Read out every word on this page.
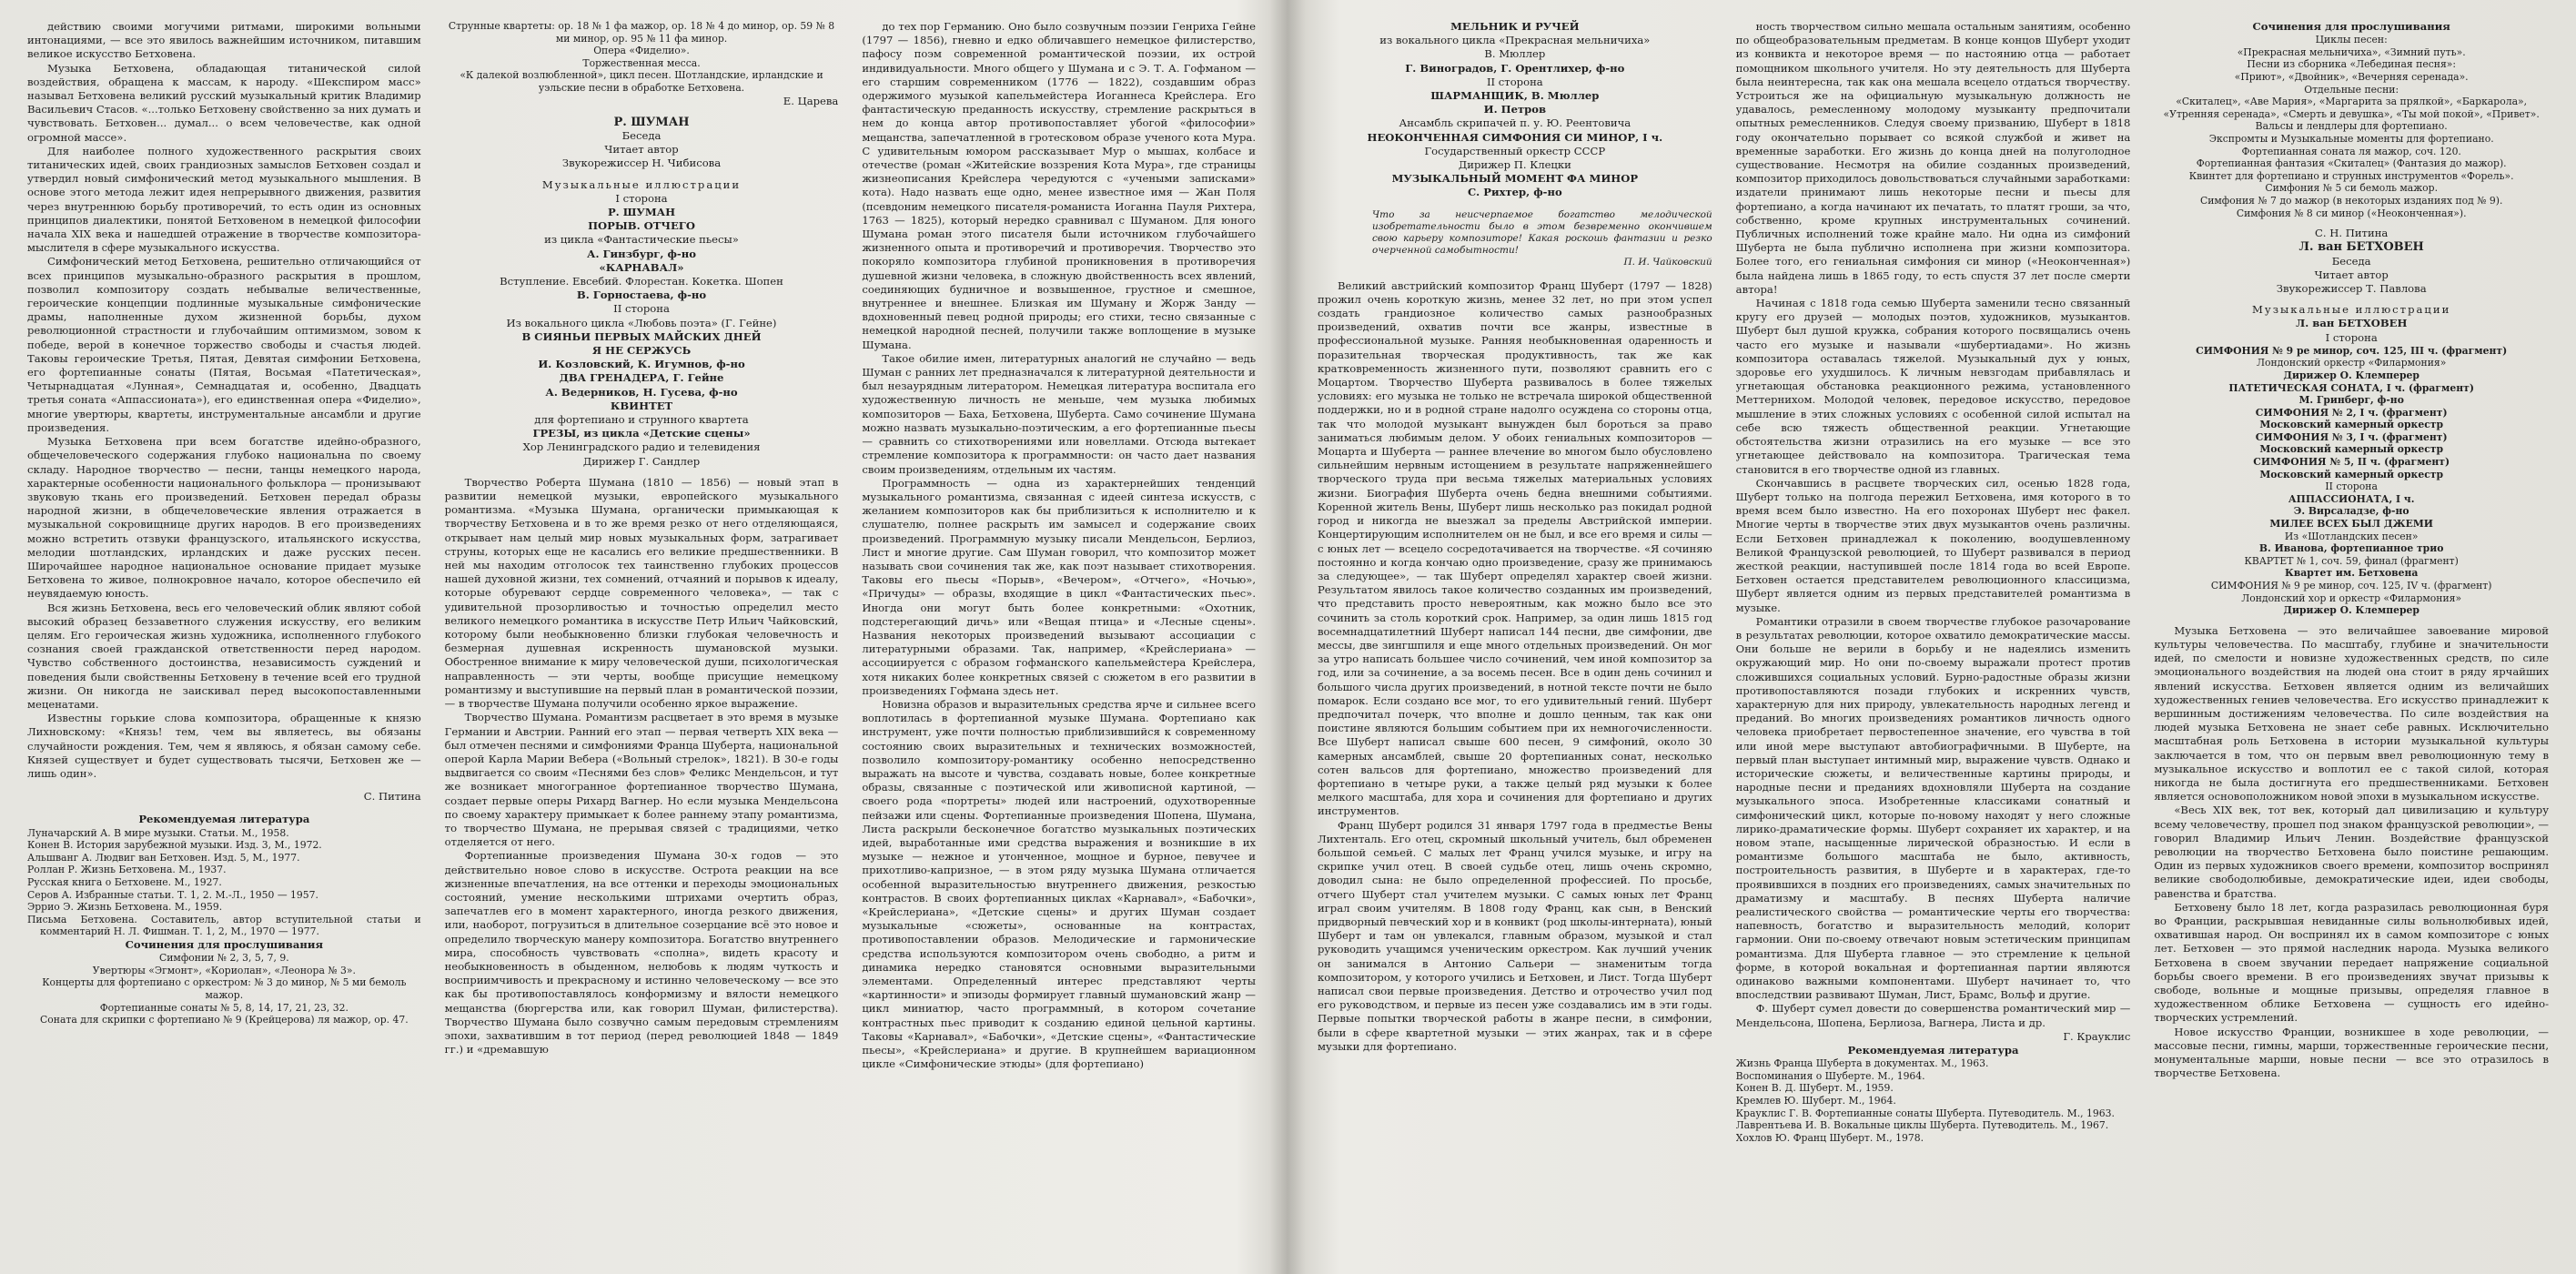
действию своими могучими ритмами, широкими вольными интонациями, — все это явилось важнейшим источником, питавшим великое искусство Бетховена.

Музыка Бетховена, обладающая титанической силой воздействия, обращена к массам, к народу. «Шекспиром масс» называл Бетховена великий русский музыкальный критик Владимир Васильевич Стасов. «...только Бетховену свойственно за них думать и чувствовать. Бетховен... думал... о всем человечестве, как одной огромной массе».

Для наиболее полного художественного раскрытия своих титанических идей, своих грандиозных замыслов Бетховен создал и утвердил новый симфонический метод музыкального мышления. В основе этого метода лежит идея непрерывного движения, развития через внутреннюю борьбу противоречий, то есть один из основных принципов диалектики, понятой Бетховеном в немецкой философии начала XIX века и нашедшей отражение в творчестве композитора-мыслителя в сфере музыкального искусства.

Симфонический метод Бетховена, решительно отличающийся от всех принципов музыкально-образного раскрытия в прошлом, позволил композитору создать небывалые величественные, героические концепции подлинные музыкальные симфонические драмы, наполненные духом жизненной борьбы, духом революционной страстности и глубочайшим оптимизмом, зовом к победе, верой в конечное торжество свободы и счастья людей. Таковы героические Третья, Пятая, Девятая симфонии Бетховена, его фортепианные сонаты (Пятая, Восьмая «Патетическая», Четырнадцатая «Лунная», Семнадцатая и, особенно, Двадцать третья соната «Аппассионата»), его единственная опера «Фиделио», многие увертюры, квартеты, инструментальные ансамбли и другие произведения.

Музыка Бетховена при всем богатстве идейно-образного, общечеловеческого содержания глубоко национальна по своему складу. Народное творчество — песни, танцы немецкого народа, характерные особенности национального фольклора — пронизывают звуковую ткань его произведений. Бетховен передал образы народной жизни, в общечеловеческие явления отражается в музыкальной сокровищнице других народов. В его произведениях можно встретить отзвуки французского, итальянского искусства, мелодии шотландских, ирландских и даже русских песен. Широчайшее народное национальное основание придает музыке Бетховена то живое, полнокровное начало, которое обеспечило ей неувядаемую юность.

Вся жизнь Бетховена, весь его человеческий облик являют собой высокий образец беззаветного служения искусству, его великим целям. Его героическая жизнь художника, исполненного глубокого сознания своей гражданской ответственности перед народом. Чувство собственного достоинства, независимость суждений и поведения были свойственны Бетховену в течение всей его трудной жизни. Он никогда не заискивал перед высокопоставленными меценатами.

Известны горькие слова композитора, обращенные к князю Лихновскому: «Князь! тем, чем вы являетесь, вы обязаны случайности рождения. Тем, чем я являюсь, я обязан самому себе. Князей существует и будет существовать тысячи, Бетховен же — лишь один».

С. Питина

Рекомендуемая литература

Луначарский А. В мире музыки. Статьи. М., 1958.

Конен В. История зарубежной музыки. Изд. 3, М., 1972.

Альшванг А. Людвиг ван Бетховен. Изд. 5, М., 1977.

Роллан Р. Жизнь Бетховена. М., 1937.

Русская книга о Бетховене. М., 1927.

Серов А. Избранные статьи. Т. 1, 2. М.-Л., 1950 — 1957.

Эррио Э. Жизнь Бетховена. М., 1959.

Письма Бетховена. Составитель, автор вступительной статьи и комментарий Н. Л. Фишман. Т. 1, 2, М., 1970 — 1977.

Сочинения для прослушивания

Симфонии № 2, 3, 5, 7, 9.

Увертюры «Эгмонт», «Кориолан», «Леонора № 3».

Концерты для фортепиано с оркестром: № 3 до минор, № 5 ми бемоль мажор.

Фортепианные сонаты № 5, 8, 14, 17, 21, 23, 32.

Соната для скрипки с фортепиано № 9 (Крейцерова) ля мажор, ор. 47.

Струнные квартеты: ор. 18 № 1 фа мажор, ор. 18 № 4 до минор, ор. 59 № 8 ми минор, ор. 95 № 11 фа минор.

Опера «Фиделио».

Торжественная месса.

«К далекой возлюбленной», цикл песен. Шотландские, ирландские и уэльские песни в обработке Бетховена.

Е. Царева

Р. ШУМАН

Беседа

Читает автор

Звукорежиссер Н. Чибисова

Музыкальные иллюстрации

I сторона

Р. ШУМАН

ПОРЫВ. ОТЧЕГО

из цикла «Фантастические пьесы»

А. Гинзбург, ф-но

«КАРНАВАЛ»

Вступление. Евсебий. Флорестан. Кокетка. Шопен

В. Горностаева, ф-но

II сторона

Из вокального цикла «Любовь поэта» (Г. Гейне)

В СИЯНЬИ ПЕРВЫХ МАЙСКИХ ДНЕЙ

Я НЕ СЕРЖУСЬ

И. Козловский, К. Игумнов, ф-но

ДВА ГРЕНАДЕРА, Г. Гейне

А. Ведерников, Н. Гусева, ф-но

КВИНТЕТ

для фортепиано и струнного квартета

ГРЕЗЫ, из цикла «Детские сцены»

Хор Ленинградского радио и телевидения

Дирижер Г. Сандлер

Творчество Роберта Шумана (1810 — 1856) — новый этап в развитии немецкой музыки, европейского музыкального романтизма. «Музыка Шумана, органически примыкающая к творчеству Бетховена и в то же время резко от него отделяющаяся, открывает нам целый мир новых музыкальных форм, затрагивает струны, которых еще не касались его великие предшественники. В ней мы находим отголосок тех таинственно глубоких процессов нашей духовной жизни, тех сомнений, отчаяний и порывов к идеалу, которые обуревают сердце современного человека», — так с удивительной прозорливостью и точностью определил место великого немецкого романтика в искусстве Петр Ильич Чайковский, которому были необыкновенно близки глубокая человечность и безмерная душевная искренность шумановской музыки. Обостренное внимание к миру человеческой души, психологическая направленность — эти черты, вообще присущие немецкому романтизму и выступившие на первый план в романтической поэзии, — в творчестве Шумана получили особенно яркое выражение.

Творчество Шумана. Романтизм расцветает в это время в музыке Германии и Австрии. Ранний его этап — первая четверть XIX века — был отмечен песнями и симфониями Франца Шуберта, национальной оперой Карла Марии Вебера («Вольный стрелок», 1821). В 30-е годы выдвигается со своим «Песнями без слов» Феликс Мендельсон, и тут же возникает многогранное фортепианное творчество Шумана, создает первые оперы Рихард Вагнер. Но если музыка Мендельсона по своему характеру примыкает к более раннему этапу романтизма, то творчество Шумана, не прерывая связей с традициями, четко отделяется от него.

Фортепианные произведения Шумана 30-х годов — это действительно новое слово в искусстве. Острота реакции на все жизненные впечатления, на все оттенки и переходы эмоциональных состояний, умение несколькими штрихами очертить образ, запечатлев его в момент характерного, иногда резкого движения, или, наоборот, погрузиться в длительное созерцание всё это новое и определило творческую манеру композитора. Богатство внутреннего мира, способность чувствовать «сполна», видеть красоту и необыкновенность в обыденном, нелюбовь к людям чуткость и восприимчивость и прекрасному и истинно человеческому — все это как бы противопоставлялось конформизму и вялости немецкого мещанства (бюргерства или, как говорил Шуман, филистерства). Творчество Шумана было созвучно самым передовым стремлениям эпохи, захватившим в тот период (перед революцией 1848 — 1849 гг.) и «дремавшую

до тех пор Германию. Оно было созвучным поэзии Генриха Гейне (1797 — 1856), гневно и едко обличавшего немецкое филистерство, пафосу поэм современной романтической поэзии, их острой индивидуальности. Много общего у Шумана и с Э. Т. А. Гофманом — его старшим современником (1776 — 1822), создавшим образ одержимого музыкой капельмейстера Иоганнеса Крейслера. Его фантастическую преданность искусству, стремление раскрыться в нем до конца автор противопоставляет убогой «философии» мещанства, запечатленной в гротесковом образе ученого кота Мура. С удивительным юмором рассказывает Мур о мышах, колбасе и отечестве (роман «Житейские воззрения Кота Мура», где страницы жизнеописания Крейслера чередуются с «учеными записками» кота). Надо назвать еще одно, менее известное имя — Жан Поля (псевдоним немецкого писателя-романиста Иоганна Пауля Рихтера, 1763 — 1825), который нередко сравнивал с Шуманом. Для юного Шумана роман этого писателя были источником глубочайшего жизненного опыта и противоречий и противоречия. Творчество это покоряло композитора глубиной проникновения в противоречия душевной жизни человека, в сложную двойственность всех явлений, соединяющих будничное и возвышенное, грустное и смешное, внутреннее и внешнее. Близкая им Шуману и Жорж Занду — вдохновенный певец родной природы; его стихи, тесно связанные с немецкой народной песней, получили также воплощение в музыке Шумана.

Такое обилие имен, литературных аналогий не случайно — ведь Шуман с ранних лет предназначался к литературной деятельности и был незаурядным литератором. Немецкая литература воспитала его художественную личность не меньше, чем музыка любимых композиторов — Баха, Бетховена, Шуберта. Само сочинение Шумана можно назвать музыкально-поэтическим, а его фортепианные пьесы — сравнить со стихотворениями или новеллами. Отсюда вытекает стремление композитора к программности: он часто дает названия своим произведениям, отдельным их частям.

Программность — одна из характернейших тенденций музыкального романтизма, связанная с идеей синтеза искусств, с желанием композиторов как бы приблизиться к исполнителю и к слушателю, полнее раскрыть им замысел и содержание своих произведений. Программную музыку писали Мендельсон, Берлиоз, Лист и многие другие. Сам Шуман говорил, что композитор может называть свои сочинения так же, как поэт называет стихотворения. Таковы его пьесы «Порыв», «Вечером», «Отчего», «Ночью», «Причуды» — образы, входящие в цикл «Фантастических пьес». Иногда они могут быть более конкретными: «Охотник, подстерегающий дичь» или «Вещая птица» и «Лесные сцены». Названия некоторых произведений вызывают ассоциации с литературными образами. Так, например, «Крейслериана» — ассоциируется с образом гофманского капельмейстера Крейслера, хотя никаких более конкретных связей с сюжетом в его развитии в произведениях Гофмана здесь нет.

Новизна образов и выразительных средства ярче и сильнее всего воплотилась в фортепианной музыке Шумана. Фортепиано как инструмент, уже почти полностью приблизившийся к современному состоянию своих выразительных и технических возможностей, позволило композитору-романтику особенно непосредственно выражать на высоте и чувства, создавать новые, более конкретные образы, связанные с поэтической или живописной картиной, — своего рода «портреты» людей или настроений, одухотворенные пейзажи или сцены. Фортепианные произведения Шопена, Шумана, Листа раскрыли бесконечное богатство музыкальных поэтических идей, выработанные ими средства выражения и возникшие в их музыке — нежное и утонченное, мощное и бурное, певучее и прихотливо-капризное, — в этом ряду музыка Шумана отличается особенной выразительностью внутреннего движения, резкостью контрастов. В своих фортепианных циклах «Карнавал», «Бабочки», «Крейслериана», «Детские сцены» и других Шуман создает музыкальные «сюжеты», основанные на контрастах, противопоставлении образов. Мелодические и гармонические средства используются композитором очень свободно, а ритм и динамика нередко становятся основными выразительными элементами. Определенный интерес представляют черты «картинности» и эпизоды формирует главный шумановский жанр — цикл миниатюр, часто программный, в котором сочетание контрастных пьес приводит к созданию единой цельной картины. Таковы «Карнавал», «Бабочки», «Детские сцены», «Фантастические пьесы», «Крейслериана» и другие. В крупнейшем вариационном цикле «Симфонические этюды» (для фортепиано)

МЕЛЬНИК И РУЧЕЙ

из вокального цикла «Прекрасная мельничиха»

В. Мюллер

Г. Виноградов, Г. Орентлихер, ф-но

II сторона

ШАРМАНЩИК, В. Мюллер

И. Петров

Ансамбль скрипачей п. у. Ю. Реентовича

НЕОКОНЧЕННАЯ СИМФОНИЯ СИ МИНОР, I ч.

Государственный оркестр СССР

Дирижер П. Клецки

МУЗЫКАЛЬНЫЙ МОМЕНТ ФА МИНОР

С. Рихтер, ф-но

Что за неисчерпаемое богатство мелодической изобретательности было в этом безвременно окончившем свою карьеру композиторе! Какая роскошь фантазии и резко очерченной самобытности!
П. И. Чайковский

Великий австрийский композитор Франц Шуберт (1797 — 1828) прожил очень короткую жизнь, менее 32 лет, но при этом успел создать грандиозное количество самых разнообразных произведений, охватив почти все жанры, известные в профессиональной музыке. Ранняя необыкновенная одаренность и поразительная творческая продуктивность, так же как кратковременность жизненного пути, позволяют сравнить его с Моцартом. Творчество Шуберта развивалось в более тяжелых условиях: его музыка не только не встречала широкой общественной поддержки, но и в родной стране надолго осуждена со стороны отца, так что молодой музыкант вынужден был бороться за право заниматься любимым делом. У обоих гениальных композиторов — Моцарта и Шуберта — раннее влечение во многом было обусловлено сильнейшим нервным истощением в результате напряженнейшего творческого труда при весьма тяжелых материальных условиях жизни. Биография Шуберта очень бедна внешними событиями. Коренной житель Вены, Шуберт лишь несколько раз покидал родной город и никогда не выезжал за пределы Австрийской империи. Концертирующим исполнителем он не был, и все его время и силы — с юных лет — всецело сосредотачивается на творчестве. «Я сочиняю постоянно и когда кончаю одно произведение, сразу же принимаюсь за следующее», — так Шуберт определял характер своей жизни. Результатом явилось такое количество созданных им произведений, что представить просто невероятным, как можно было все это сочинить за столь короткий срок. Например, за один лишь 1815 год восемнадцатилетний Шуберт написал 144 песни, две симфонии, две мессы, две зингшпиля и еще много отдельных произведений. Он мог за утро написать большее число сочинений, чем иной композитор за год, или за сочинение, а за восемь песен. Все в один день сочинил и большого числа других произведений, в нотной тексте почти не было помарок. Если создано все мог, то его удивительный гений. Шуберт предпочитал почерк, что вполне и дошло ценным, так как они поистине являются большим событием при их немногочисленности. Все Шуберт написал свыше 600 песен, 9 симфоний, около 30 камерных ансамблей, свыше 20 фортепианных сонат, несколько сотен вальсов для фортепиано, множество произведений для фортепиано в четыре руки, а также целый ряд музыки к более мелкого масштаба, для хора и сочинения для фортепиано и других инструментов.

Франц Шуберт родился 31 января 1797 года в предместье Вены Лихтенталь. Его отец, скромный школьный учитель, был обременен большой семьей. С малых лет Франц учился музыке, и игру на скрипке учил отец. В своей судьбе отец, лишь очень скромно, доводил сына: не было определенной профессией. По просьбе, отчего Шуберт стал учителем музыки. С самых юных лет Франц играл своим учителям. В 1808 году Франц, как сын, в Венский придворный певческий хор и в конвикт (род школы-интерната), юный Шуберт и там он увлекался, главным образом, музыкой и стал руководить учащимся ученическим оркестром. Как лучший ученик он занимался в Антонио Сальери — знаменитым тогда композитором, у которого учились и Бетховен, и Лист. Тогда Шуберт написал свои первые произведения. Детство и отрочество учил под его руководством, и первые из песен уже создавались им в эти годы. Первые попытки творческой работы в жанре песни, в симфонии, были в сфере квартетной музыки — этих жанрах, так и в сфере музыки для фортепиано.

ность творчеством сильно мешала остальным занятиям, особенно по общеобразовательным предметам. В конце концов Шуберт уходит из конвикта и некоторое время — по настоянию отца — работает помощником школьного учителя. Но эту деятельность для Шуберта была неинтересна, так как она мешала всецело отдаться творчеству. Устроиться же на официальную музыкальную должность не удавалось, ремесленному молодому музыканту предпочитали опытных ремесленников. Следуя своему призванию, Шуберт в 1818 году окончательно порывает со всякой службой и живет на временные заработки. Его жизнь до конца дней на полуголодное существование. Несмотря на обилие созданных произведений, композитор приходилось довольствоваться случайными заработками: издатели принимают лишь некоторые песни и пьесы для фортепиано, а когда начинают их печатать, то платят гроши, за что, собственно, кроме крупных инструментальных сочинений. Публичных исполнений тоже крайне мало. Ни одна из симфоний Шуберта не была публично исполнена при жизни композитора. Более того, его гениальная симфония си минор («Неоконченная») была найдена лишь в 1865 году, то есть спустя 37 лет после смерти автора!

Начиная с 1818 года семью Шуберта заменили тесно связанный кругу его друзей — молодых поэтов, художников, музыкантов. Шуберт был душой кружка, собрания которого посвящались очень часто его музыке и называли «шубертиадами». Но жизнь композитора оставалась тяжелой. Музыкальный дух у юных, здоровье его ухудшилось. К личным невзгодам прибавлялась и угнетающая обстановка реакционного режима, установленного Меттернихом. Молодой человек, передовое искусство, передовое мышление в этих сложных условиях с особенной силой испытал на себе всю тяжесть общественной реакции. Угнетающие обстоятельства жизни отразились на его музыке — все это угнетающее действовало на композитора. Трагическая тема становится в его творчестве одной из главных.

Скончавшись в расцвете творческих сил, осенью 1828 года, Шуберт только на полгода пережил Бетховена, имя которого в то время всем было известно. На его похоронах Шуберт нес факел. Многие черты в творчестве этих двух музыкантов очень различны. Если Бетховен принадлежал к поколению, воодушевленному Великой Французской революцией, то Шуберт развивался в период жесткой реакции, наступившей после 1814 года во всей Европе. Бетховен остается представителем революционного классицизма, Шуберт является одним из первых представителей романтизма в музыке.

Романтики отразили в своем творчестве глубокое разочарование в результатах революции, которое охватило демократические массы. Они больше не верили в борьбу и не надеялись изменить окружающий мир. Но они по-своему выражали протест против сложившихся социальных условий. Бурно-радостные образы жизни противопоставляются позади глубоких и искренних чувств, характерную для них природу, увлекательность народных легенд и преданий. Во многих произведениях романтиков личность одного человека приобретает первостепенное значение, его чувства в той или иной мере выступают автобиографичными. В Шуберте, на первый план выступает интимный мир, выражение чувств. Однако и исторические сюжеты, и величественные картины природы, и народные песни и преданиях вдохновляли Шуберта на создание музыкального эпоса. Изобретенные классиками сонатный и симфонический цикл, которые по-новому находят у него сложные лирико-драматические формы. Шуберт сохраняет их характер, и на новом этапе, насыщенные лирической образностью. И если в романтизме большого масштаба не было, активность, построительность развития, в Шуберте и в характерах, где-то проявившихся в поздних его произведениях, самых значительных по драматизму и масштабу. В песнях Шуберта наличие реалистического свойства — романтические черты его творчества: напевность, богатство и выразительность мелодий, колорит гармонии. Они по-своему отвечают новым эстетическим принципам романтизма. Для Шуберта главное — это стремление к цельной форме, в которой вокальная и фортепианная партии являются одинаково важными компонентами. Шуберт начинает то, что впоследствии развивают Шуман, Лист, Брамс, Вольф и другие.

Ф. Шуберт сумел довести до совершенства романтический мир — Мендельсона, Шопена, Берлиоза, Вагнера, Листа и др.

Г. Крауклис

Рекомендуемая литература

Жизнь Франца Шуберта в документах. М., 1963.

Воспоминания о Шуберте. М., 1964.

Конен В. Д. Шуберт. М., 1959.

Кремлев Ю. Шуберт. М., 1964.

Крауклис Г. В. Фортепианные сонаты Шуберта. Путеводитель. М., 1963.

Лаврентьева И. В. Вокальные циклы Шуберта. Путеводитель. М., 1967.

Хохлов Ю. Франц Шуберт. М., 1978.

Сочинения для прослушивания

Циклы песен:

«Прекрасная мельничиха», «Зимний путь».

Песни из сборника «Лебединая песня»:

«Приют», «Двойник», «Вечерняя серенада».

Отдельные песни:

«Скиталец», «Аве Мария», «Маргарита за прялкой», «Баркарола», «Утренняя серенада», «Смерть и девушка», «Ты мой покой», «Привет».

Вальсы и лендлеры для фортепиано.

Экспромты и Музыкальные моменты для фортепиано.

Фортепианная соната ля мажор, соч. 120.

Фортепианная фантазия «Скиталец» (Фантазия до мажор).

Квинтет для фортепиано и струнных инструментов «Форель».

Симфония № 5 си бемоль мажор.

Симфония № 7 до мажор (в некоторых изданиях под № 9).

Симфония № 8 си минор («Неоконченная»).

С. Н. Питина

Л. ван БЕТХОВЕН

Беседа

Читает автор

Звукорежиссер Т. Павлова

Музыкальные иллюстрации

Л. ван БЕТХОВЕН

I сторона

СИМФОНИЯ № 9 ре минор, соч. 125, III ч. (фрагмент)

Лондонский оркестр «Филармония»

Дирижер О. Клемперер

ПАТЕТИЧЕСКАЯ СОНАТА, I ч. (фрагмент)

М. Гринберг, ф-но

СИМФОНИЯ № 2, I ч. (фрагмент)

Московский камерный оркестр

СИМФОНИЯ № 3, I ч. (фрагмент)

Московский камерный оркестр

СИМФОНИЯ № 5, II ч. (фрагмент)

Московский камерный оркестр

II сторона

АППАССИОНАТА, I ч.

Э. Вирсаладзе, ф-но

МИЛЕЕ ВСЕХ БЫЛ ДЖЕМИ

Из «Шотландских песен»

В. Иванова, фортепианное трио

КВАРТЕТ № 1, соч. 59, финал (фрагмент)

Квартет им. Бетховена

СИМФОНИЯ № 9 ре минор, соч. 125, IV ч. (фрагмент)

Лондонский хор и оркестр «Филармония»

Дирижер О. Клемперер

Музыка Бетховена — это величайшее завоевание мировой культуры человечества. По масштабу, глубине и значительности идей, по смелости и новизне художественных средств, по силе эмоционального воздействия на людей она стоит в ряду ярчайших явлений искусства. Бетховен является одним из величайших художественных гениев человечества. Его искусство принадлежит к вершинным достижениям человечества. По силе воздействия на людей музыка Бетховена не знает себе равных. Исключительно масштабная роль Бетховена в истории музыкальной культуры заключается в том, что он первым ввел революционную тему в музыкальное искусство и воплотил ее с такой силой, которая никогда не была достигнута его предшественниками. Бетховен является основоположником новой эпохи в музыкальном искусстве.

«Весь XIX век, тот век, который дал цивилизацию и культуру всему человечеству, прошел под знаком французской революции», — говорил Владимир Ильич Ленин. Воздействие французской революции на творчество Бетховена было поистине решающим. Один из первых художников своего времени, композитор воспринял великие свободолюбивые, демократические идеи, идеи свободы, равенства и братства.

Бетховену было 18 лет, когда разразилась революционная буря во Франции, раскрывшая невиданные силы вольнолюбивых идей, охватившая народ. Он воспринял их в самом композиторе с юных лет. Бетховен — это прямой наследник народа. Музыка великого Бетховена в своем звучании передает напряжение социальной борьбы своего времени. В его произведениях звучат призывы к свободе, вольные и мощные призывы, определяя главное в художественном облике Бетховена — сущность его идейно-творческих устремлений.

Новое искусство Франции, возникшее в ходе революции, — массовые песни, гимны, марши, торжественные героические песни, монументальные марши, новые песни — все это отразилось в творчестве Бетховена.
